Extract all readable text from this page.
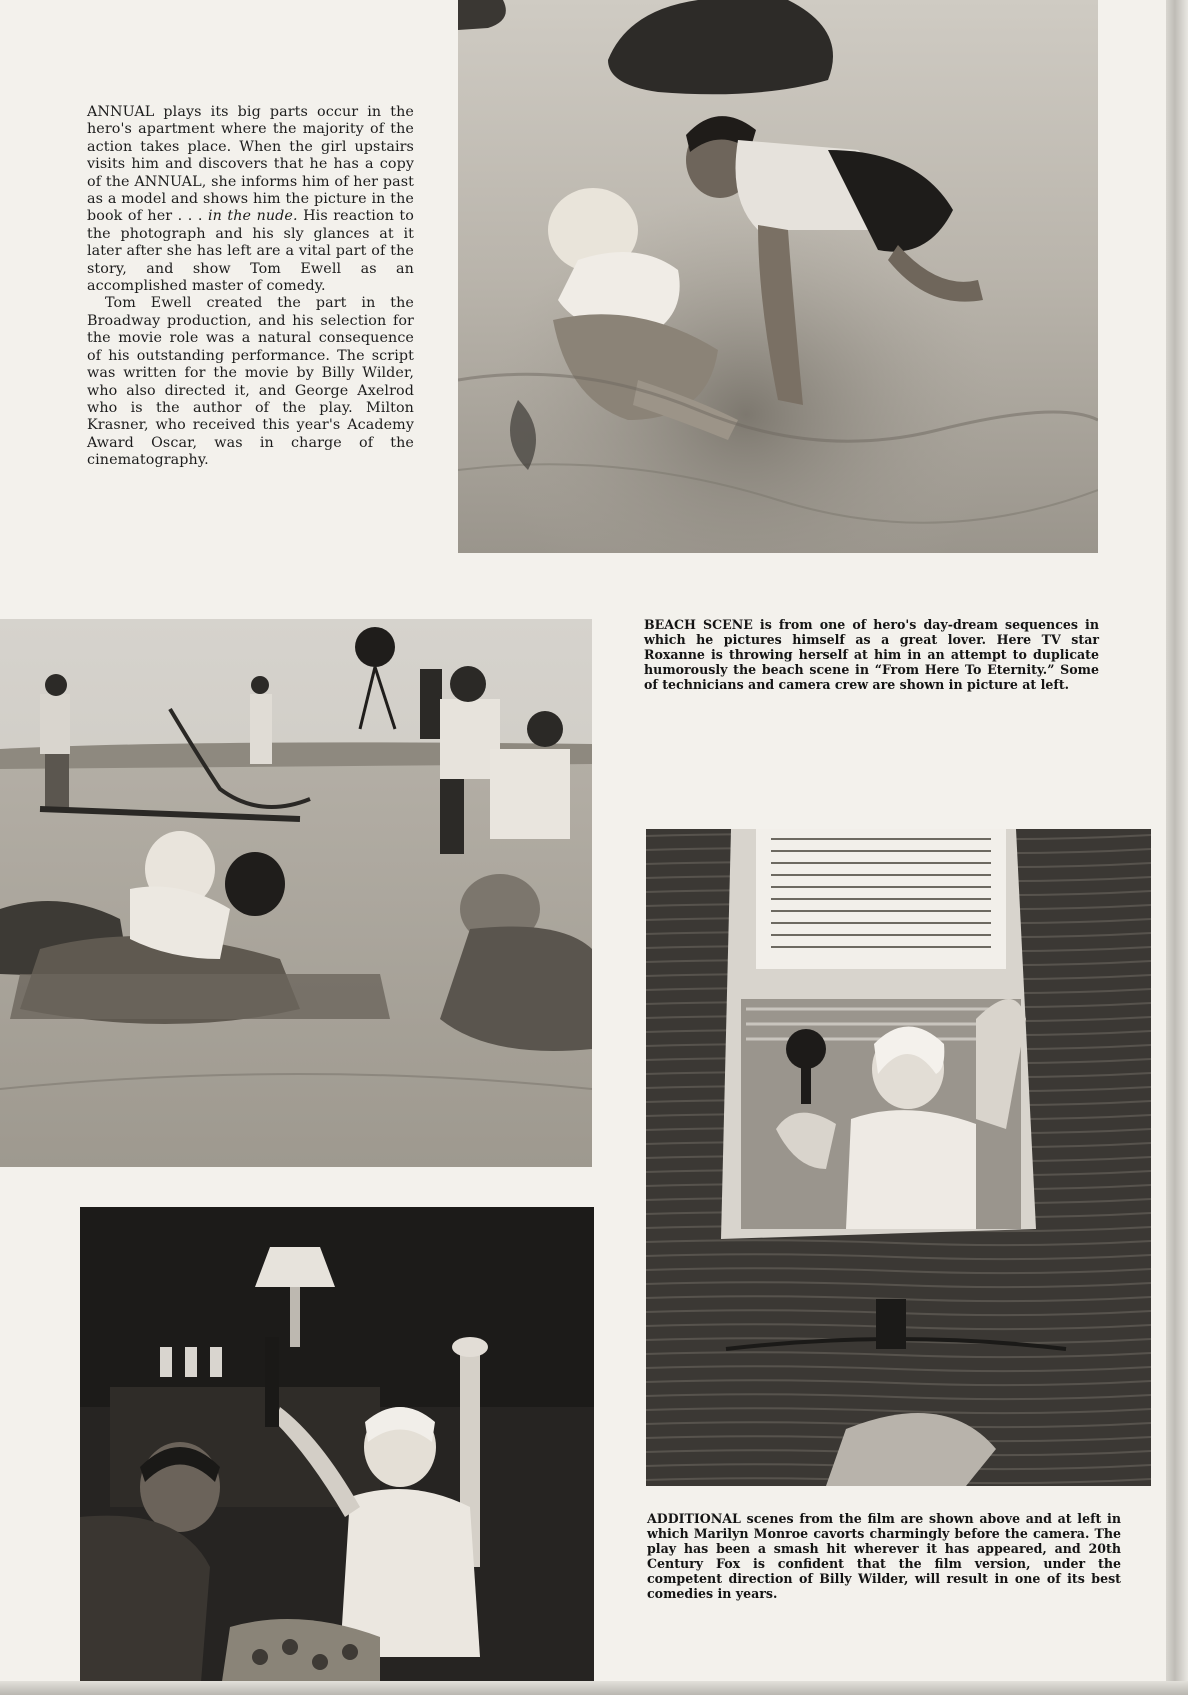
ANNUAL plays its big parts occur in the hero's apartment where the majority of the action takes place. When the girl upstairs visits him and discovers that he has a copy of the ANNUAL, she informs him of her past as a model and shows him the picture in the book of her . . . in the nude. His reaction to the photograph and his sly glances at it later after she has left are a vital part of the story, and show Tom Ewell as an accomplished master of comedy.

Tom Ewell created the part in the Broadway production, and his selection for the movie role was a natural consequence of his outstanding performance. The script was written for the movie by Billy Wilder, who also directed it, and George Axelrod who is the author of the play. Milton Krasner, who received this year's Academy Award Oscar, was in charge of the cinematography.

BEACH SCENE is from one of hero's day-dream sequences in which he pictures himself as a great lover. Here TV star Roxanne is throwing herself at him in an attempt to duplicate humorously the beach scene in “From Here To Eternity.” Some of technicians and camera crew are shown in picture at left.
ADDITIONAL scenes from the film are shown above and at left in which Marilyn Monroe cavorts charmingly before the camera. The play has been a smash hit wherever it has appeared, and 20th Century Fox is confident that the film version, under the competent direction of Billy Wilder, will result in one of its best comedies in years.
